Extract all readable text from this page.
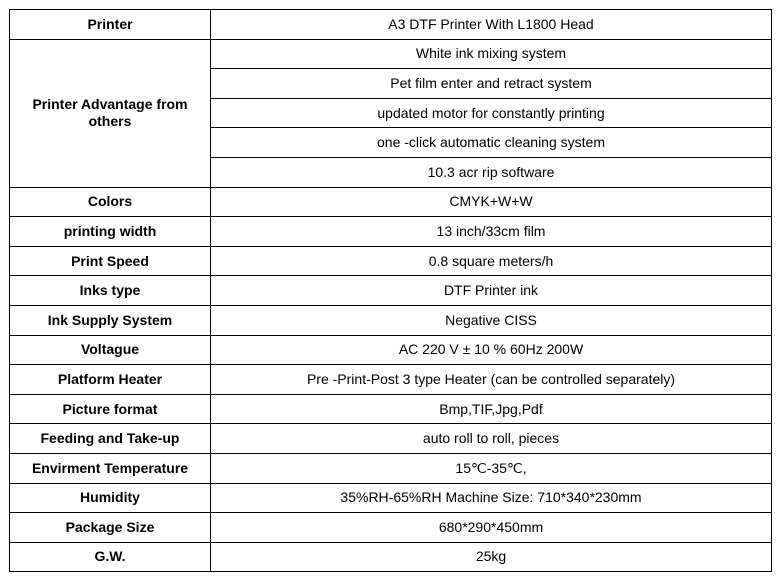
Printer	A3 DTF Printer With L1800 Head
Printer Advantage from others	White ink mixing system
	Pet film enter and retract system
	updated motor for constantly printing
	one -click automatic cleaning system
	10.3 acr rip software
Colors	CMYK+W+W
printing width	13 inch/33cm film
Print Speed	0.8 square meters/h
Inks type	DTF Printer ink
Ink Supply System	Negative CISS
Voltague	AC 220 V ± 10 % 60Hz 200W
Platform Heater	Pre -Print-Post 3 type Heater (can be controlled separately)
Picture format	Bmp,TIF,Jpg,Pdf
Feeding and Take-up	auto roll to roll, pieces
Envirment Temperature	15℃-35℃,
Humidity	35%RH-65%RH Machine Size: 710*340*230mm
Package Size	680*290*450mm
G.W.	25kg
